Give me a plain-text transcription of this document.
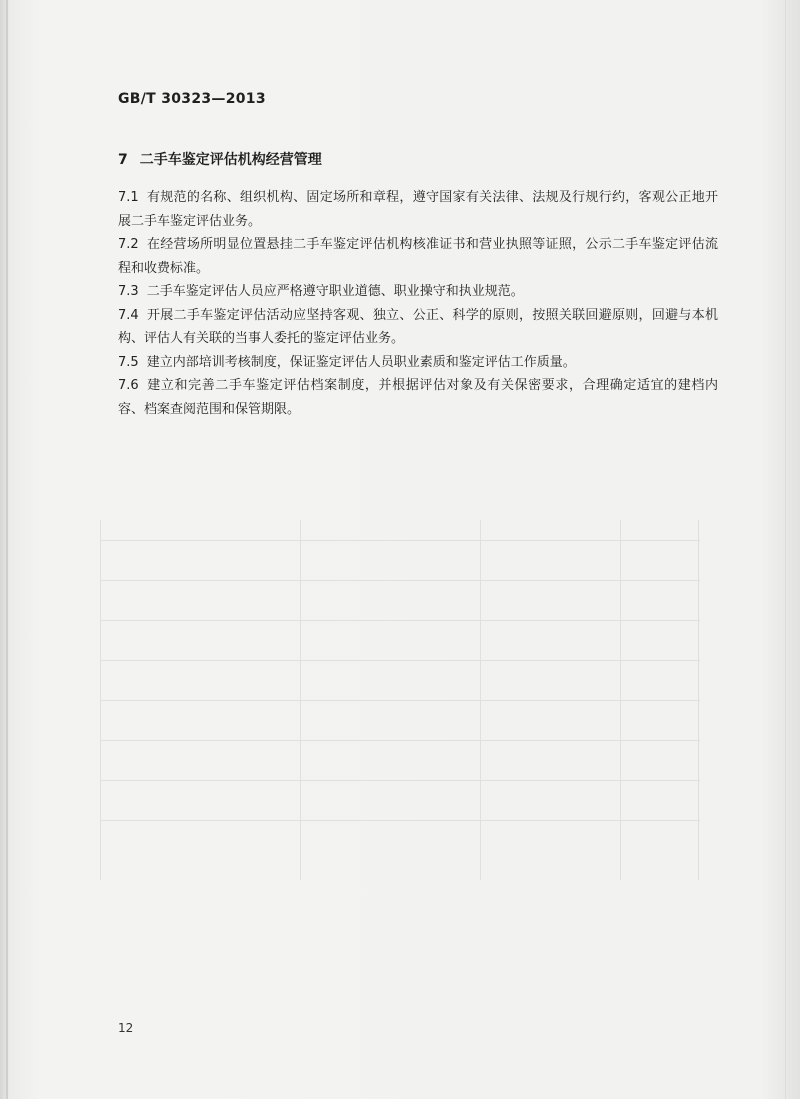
GB/T 30323—2013
7 二手车鉴定评估机构经营管理

7.1 有规范的名称、组织机构、固定场所和章程，遵守国家有关法律、法规及行规行约，客观公正地开展二手车鉴定评估业务。

7.2 在经营场所明显位置悬挂二手车鉴定评估机构核准证书和营业执照等证照，公示二手车鉴定评估流程和收费标准。

7.3 二手车鉴定评估人员应严格遵守职业道德、职业操守和执业规范。

7.4 开展二手车鉴定评估活动应坚持客观、独立、公正、科学的原则，按照关联回避原则，回避与本机构、评估人有关联的当事人委托的鉴定评估业务。

7.5 建立内部培训考核制度，保证鉴定评估人员职业素质和鉴定评估工作质量。

7.6 建立和完善二手车鉴定评估档案制度，并根据评估对象及有关保密要求，合理确定适宜的建档内容、档案查阅范围和保管期限。

12
